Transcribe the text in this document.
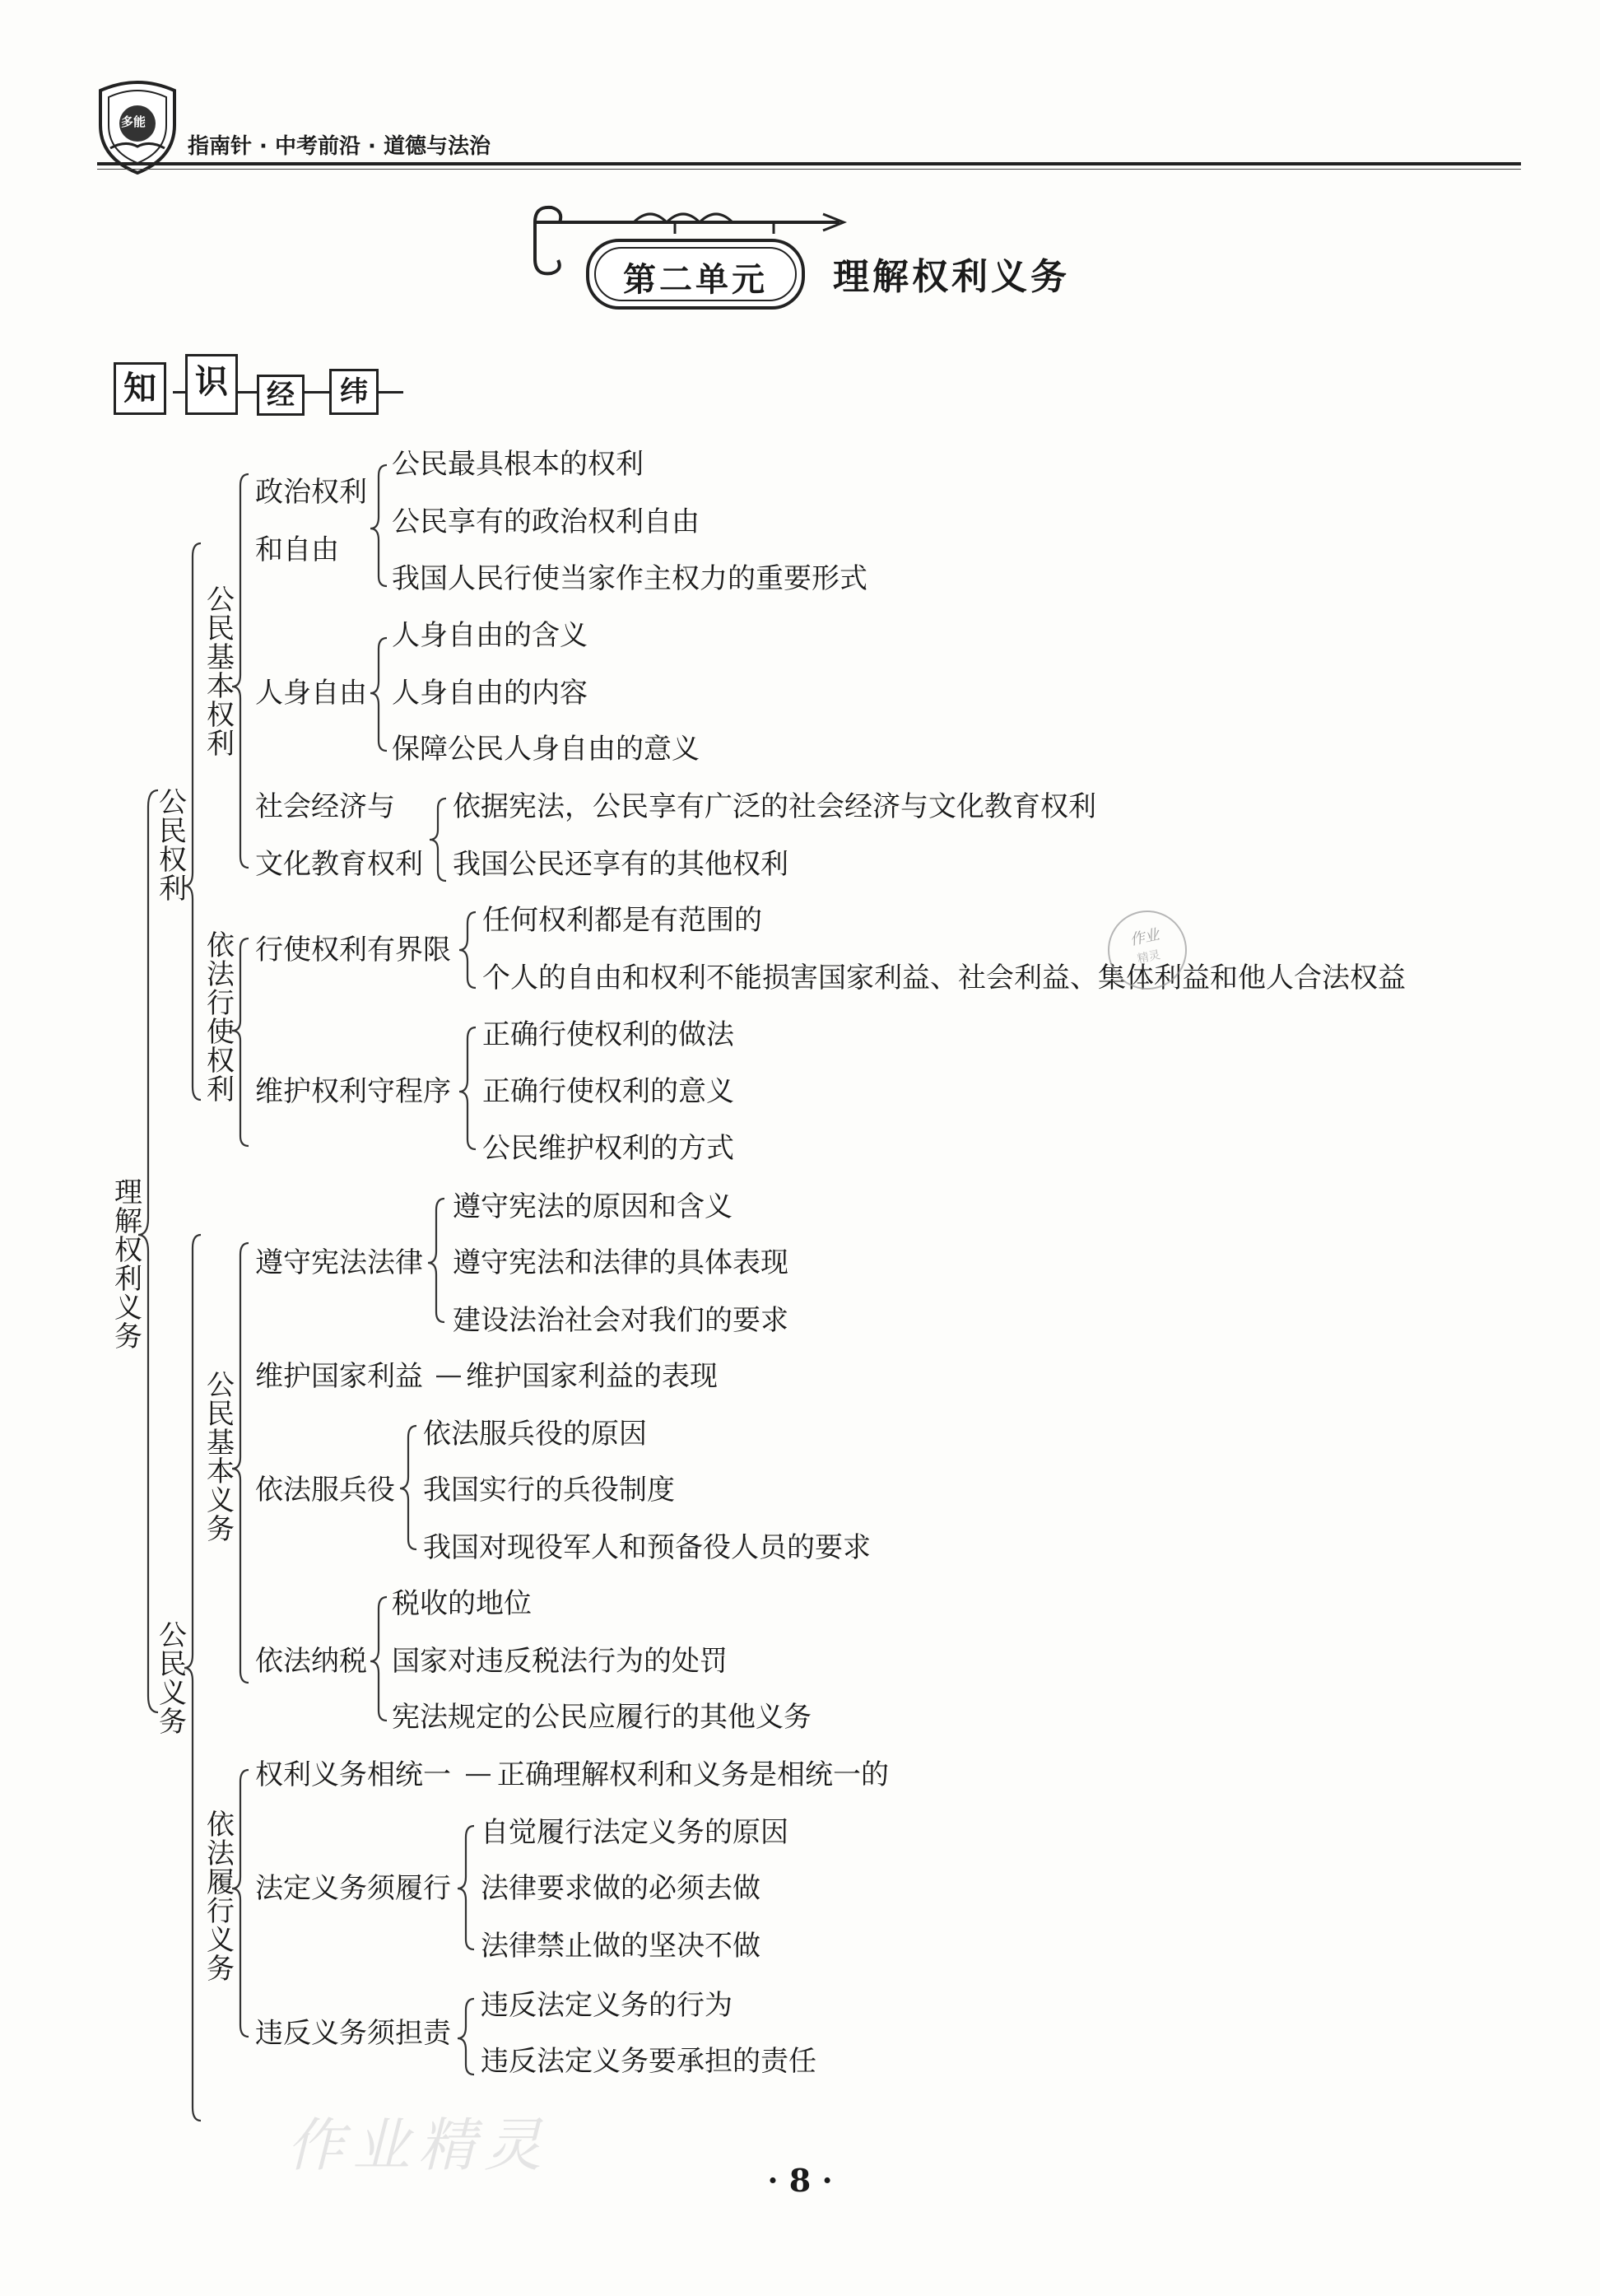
多能
指南针 · 中考前沿 · 道德与法治
第二单元	理解权利义务
知	识	经	纬
理解权利义务
公民权利
公民基本权利
政治权利
和自由
公民最具根本的权利
公民享有的政治权利自由
我国人民行使当家作主权力的重要形式
人身自由
人身自由的含义
人身自由的内容
保障公民人身自由的意义
社会经济与
文化教育权利
依据宪法，公民享有广泛的社会经济与文化教育权利
我国公民还享有的其他权利
依法行使权利
行使权利有界限
任何权利都是有范围的
个人的自由和权利不能损害国家利益、社会利益、集体利益和他人合法权益
维护权利守程序
正确行使权利的做法
正确行使权利的意义
公民维护权利的方式
公民义务
公民基本义务
遵守宪法法律
遵守宪法的原因和含义
遵守宪法和法律的具体表现
建设法治社会对我们的要求
维护国家利益 维护国家利益的表现
依法服兵役
依法服兵役的原因
我国实行的兵役制度
我国对现役军人和预备役人员的要求
依法纳税
税收的地位
国家对违反税法行为的处罚
宪法规定的公民应履行的其他义务
依法履行义务
权利义务相统一 正确理解权利和义务是相统一的
法定义务须履行
自觉履行法定义务的原因
法律要求做的必须去做
法律禁止做的坚决不做
违反义务须担责
违反法定义务的行为
违反法定义务要承担的责任
作业
精灵
作业精灵
· 8 ·
